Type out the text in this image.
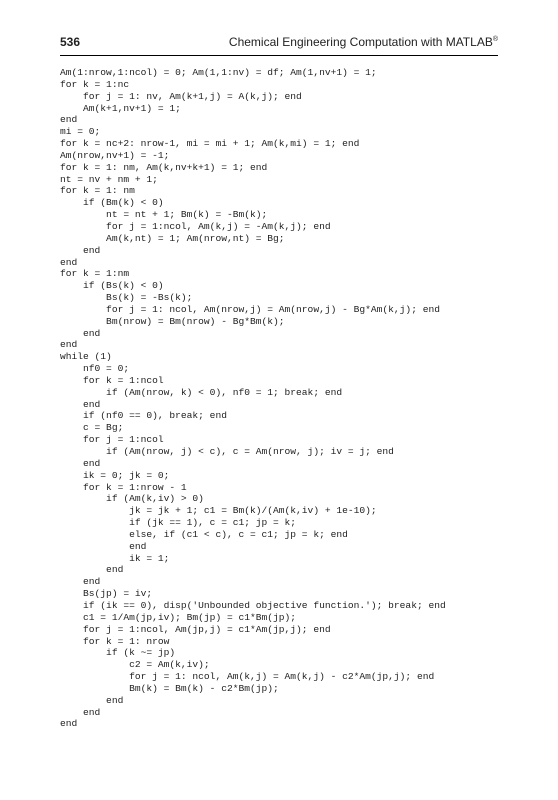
536	Chemical Engineering Computation with MATLAB®
Am(1:nrow,1:ncol) = 0; Am(1,1:nv) = df; Am(1,nv+1) = 1;
for k = 1:nc
for j = 1: nv, Am(k+1,j) = A(k,j); end
Am(k+1,nv+1) = 1;
end
mi = 0;
for k = nc+2: nrow-1, mi = mi + 1; Am(k,mi) = 1; end
Am(nrow,nv+1) = -1;
for k = 1: nm, Am(k,nv+k+1) = 1; end
nt = nv + nm + 1;
for k = 1: nm
if (Bm(k) < 0)
nt = nt + 1; Bm(k) = -Bm(k);
for j = 1:ncol, Am(k,j) = -Am(k,j); end
Am(k,nt) = 1; Am(nrow,nt) = Bg;
end
end
for k = 1:nm
if (Bs(k) < 0)
Bs(k) = -Bs(k);
for j = 1: ncol, Am(nrow,j) = Am(nrow,j) - Bg*Am(k,j); end
Bm(nrow) = Bm(nrow) - Bg*Bm(k);
end
end
while (1)
nf0 = 0;
for k = 1:ncol
if (Am(nrow, k) < 0), nf0 = 1; break; end
end
if (nf0 == 0), break; end
c = Bg;
for j = 1:ncol
if (Am(nrow, j) < c), c = Am(nrow, j); iv = j; end
end
ik = 0; jk = 0;
for k = 1:nrow - 1
if (Am(k,iv) > 0)
jk = jk + 1; c1 = Bm(k)/(Am(k,iv) + 1e-10);
if (jk == 1), c = c1; jp = k;
else, if (c1 < c), c = c1; jp = k; end
end
ik = 1;
end
end
Bs(jp) = iv;
if (ik == 0), disp('Unbounded objective function.'); break; end
c1 = 1/Am(jp,iv); Bm(jp) = c1*Bm(jp);
for j = 1:ncol, Am(jp,j) = c1*Am(jp,j); end
for k = 1: nrow
if (k ~= jp)
c2 = Am(k,iv);
for j = 1: ncol, Am(k,j) = Am(k,j) - c2*Am(jp,j); end
Bm(k) = Bm(k) - c2*Bm(jp);
end
end
end
